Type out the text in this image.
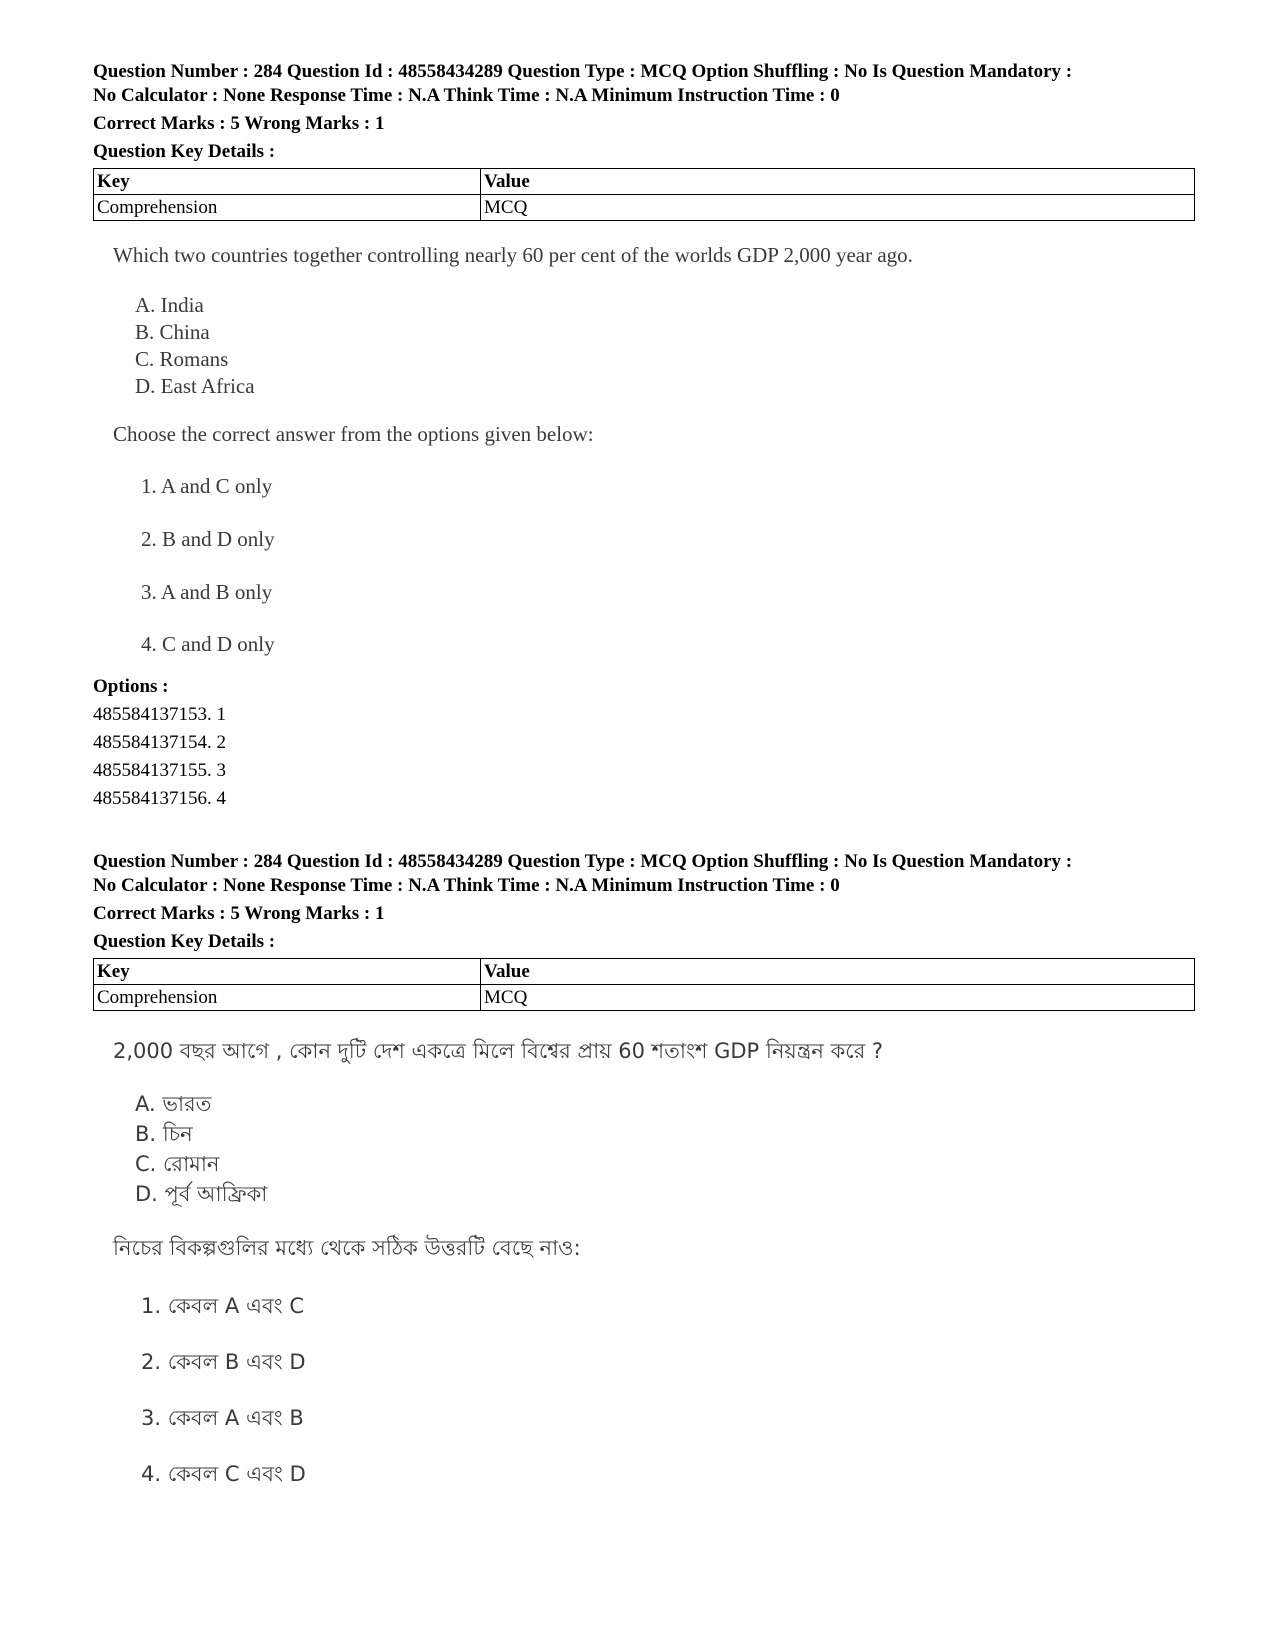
Question Number : 284 Question Id : 48558434289 Question Type : MCQ Option Shuffling : No Is Question Mandatory :
No Calculator : None Response Time : N.A Think Time : N.A Minimum Instruction Time : 0
Correct Marks : 5 Wrong Marks : 1
Question Key Details :
Key	Value
Comprehension	MCQ
Which two countries together controlling nearly 60 per cent of the worlds GDP 2,000 year ago.
A. India
B. China
C. Romans
D. East Africa
Choose the correct answer from the options given below:
1. A and C only
2. B and D only
3. A and B only
4. C and D only
Options :
485584137153. 1
485584137154. 2
485584137155. 3
485584137156. 4
Question Number : 284 Question Id : 48558434289 Question Type : MCQ Option Shuffling : No Is Question Mandatory :
No Calculator : None Response Time : N.A Think Time : N.A Minimum Instruction Time : 0
Correct Marks : 5 Wrong Marks : 1
Question Key Details :
Key	Value
Comprehension	MCQ
2,000 বছর আগে , কোন দুটি দেশ একত্রে মিলে বিশ্বের প্রায় 60 শতাংশ GDP নিয়ন্ত্রন করে ?
A. ভারত
B. চিন
C. রোমান
D. পূর্ব আফ্রিকা
নিচের বিকল্পগুলির মধ্যে থেকে সঠিক উত্তরটি বেছে নাও:
1. কেবল A এবং C
2. কেবল B এবং D
3. কেবল A এবং B
4. কেবল C এবং D
